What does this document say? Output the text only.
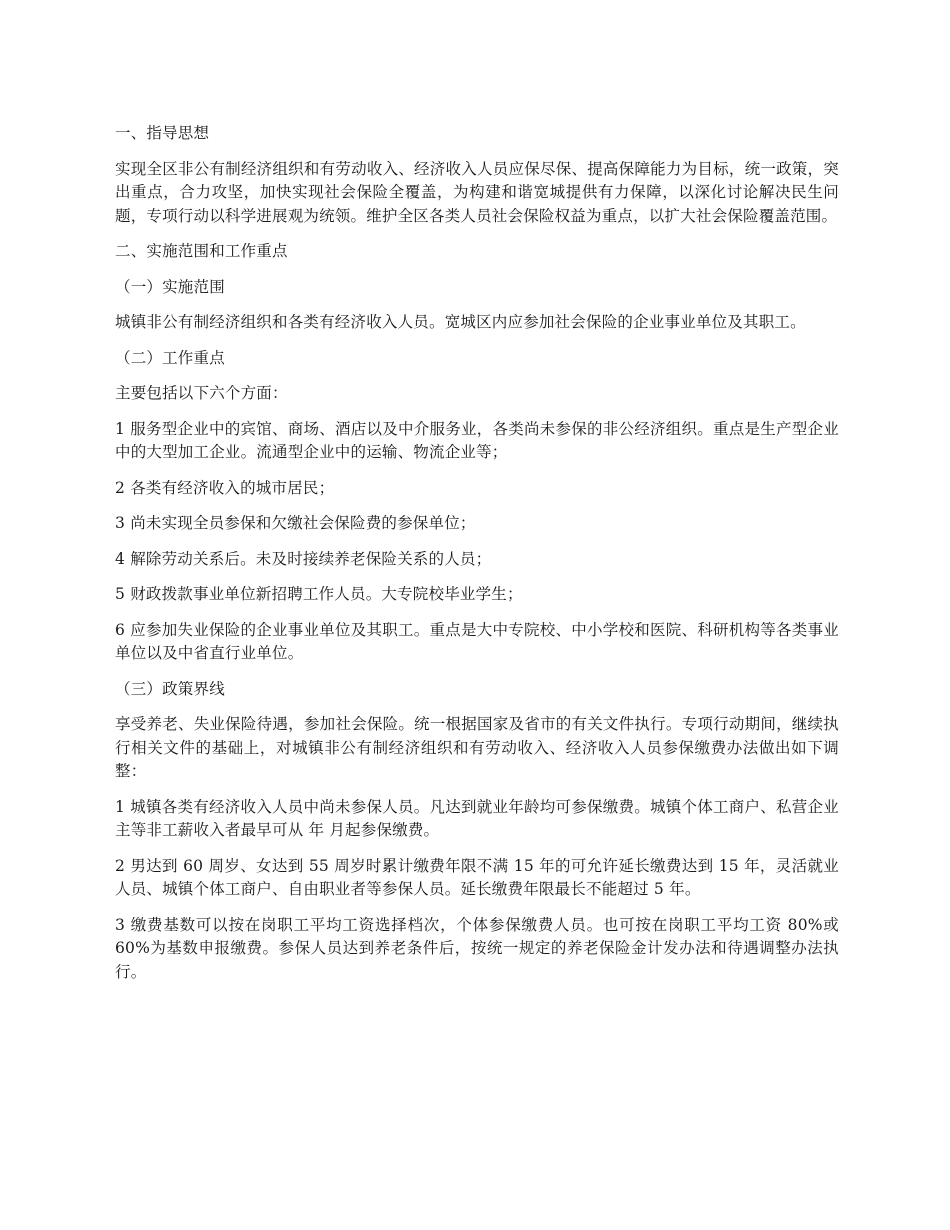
一、指导思想

实现全区非公有制经济组织和有劳动收入、经济收入人员应保尽保、提高保障能力为目标，统一政策，突出重点，合力攻坚，加快实现社会保险全覆盖，为构建和谐宽城提供有力保障，以深化讨论解决民生问题，专项行动以科学进展观为统领。维护全区各类人员社会保险权益为重点，以扩大社会保险覆盖范围。

二、实施范围和工作重点

（一）实施范围

城镇非公有制经济组织和各类有经济收入人员。宽城区内应参加社会保险的企业事业单位及其职工。

（二）工作重点

主要包括以下六个方面：

1 服务型企业中的宾馆、商场、酒店以及中介服务业，各类尚未参保的非公经济组织。重点是生产型企业中的大型加工企业。流通型企业中的运输、物流企业等；

2 各类有经济收入的城市居民；

3 尚未实现全员参保和欠缴社会保险费的参保单位；

4 解除劳动关系后。未及时接续养老保险关系的人员；

5 财政拨款事业单位新招聘工作人员。大专院校毕业学生；

6 应参加失业保险的企业事业单位及其职工。重点是大中专院校、中小学校和医院、科研机构等各类事业单位以及中省直行业单位。

（三）政策界线

享受养老、失业保险待遇，参加社会保险。统一根据国家及省市的有关文件执行。专项行动期间，继续执行相关文件的基础上，对城镇非公有制经济组织和有劳动收入、经济收入人员参保缴费办法做出如下调整：

1 城镇各类有经济收入人员中尚未参保人员。凡达到就业年龄均可参保缴费。城镇个体工商户、私营企业主等非工薪收入者最早可从 年 月起参保缴费。

2 男达到 60 周岁、女达到 55 周岁时累计缴费年限不满 15 年的可允许延长缴费达到 15 年，灵活就业人员、城镇个体工商户、自由职业者等参保人员。延长缴费年限最长不能超过 5 年。

3 缴费基数可以按在岗职工平均工资选择档次，个体参保缴费人员。也可按在岗职工平均工资 80%或 60%为基数申报缴费。参保人员达到养老条件后，按统一规定的养老保险金计发办法和待遇调整办法执行。
